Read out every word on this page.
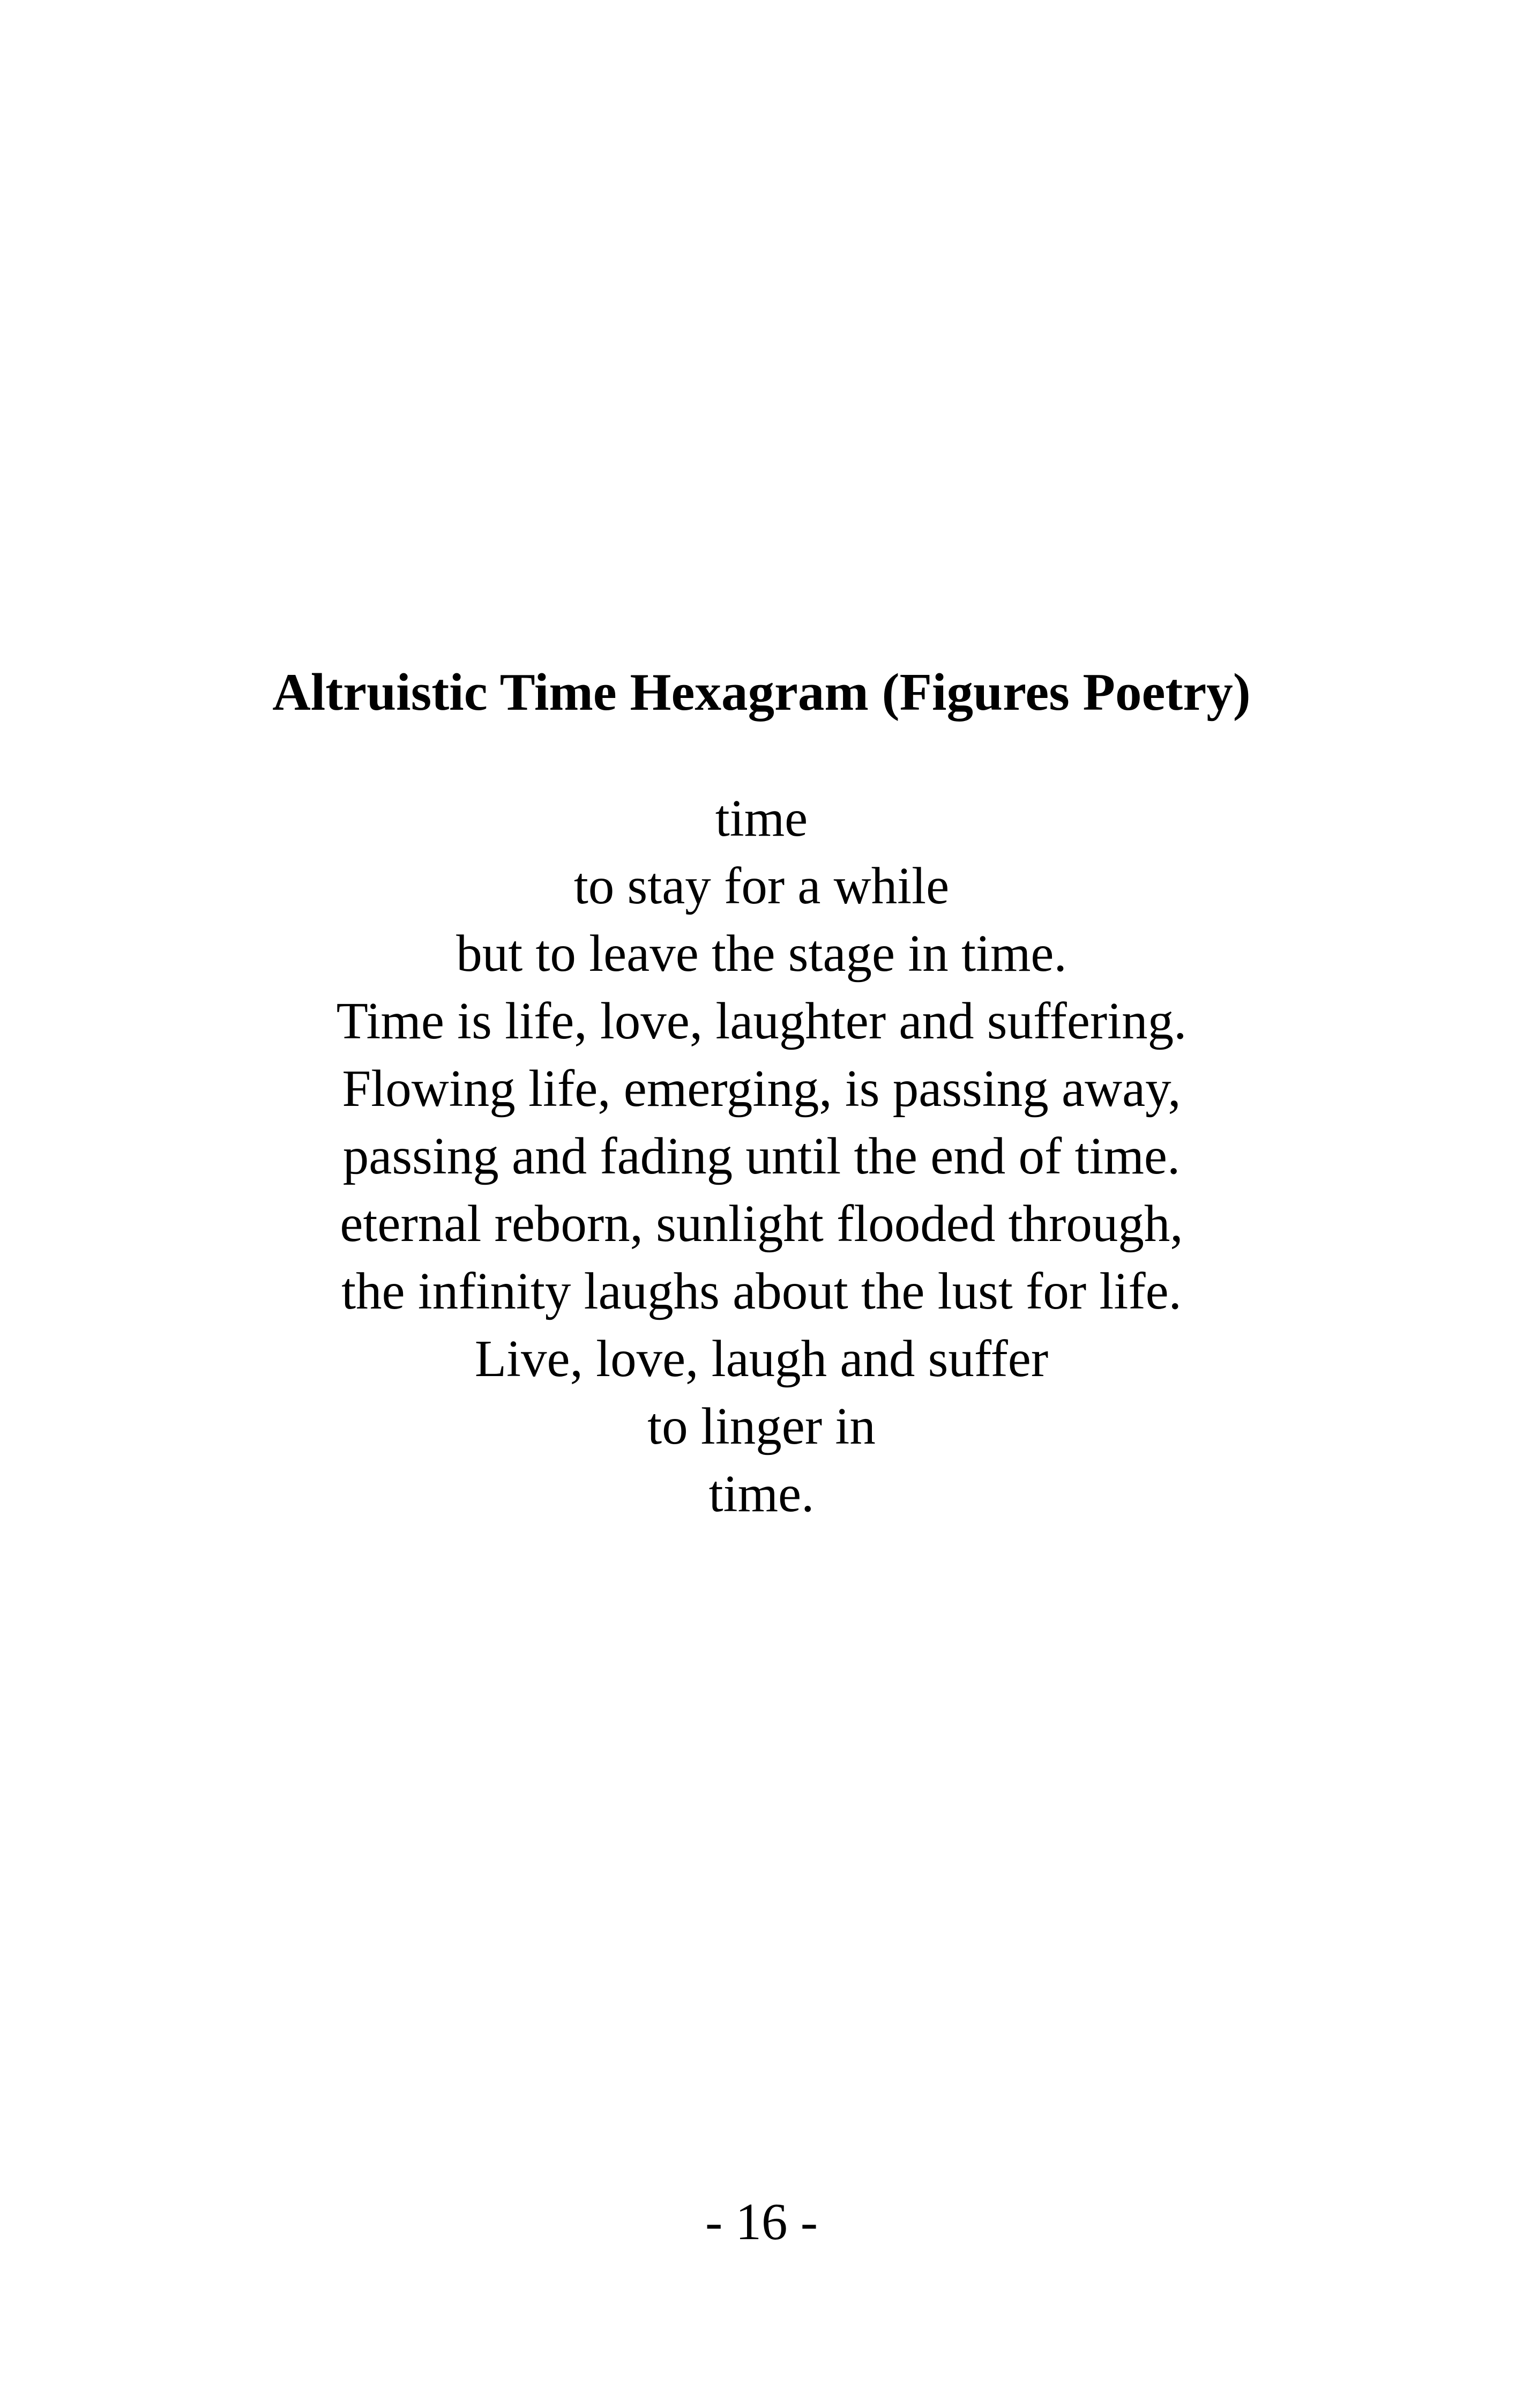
Altruistic Time Hexagram (Figures Poetry)
time
to stay for a while
but to leave the stage in time.
Time is life, love, laughter and suffering.
Flowing life, emerging, is passing away,
passing and fading until the end of time.
eternal reborn, sunlight flooded through,
the infinity laughs about the lust for life.
Live, love, laugh and suffer
to linger in
time.
- 16 -
